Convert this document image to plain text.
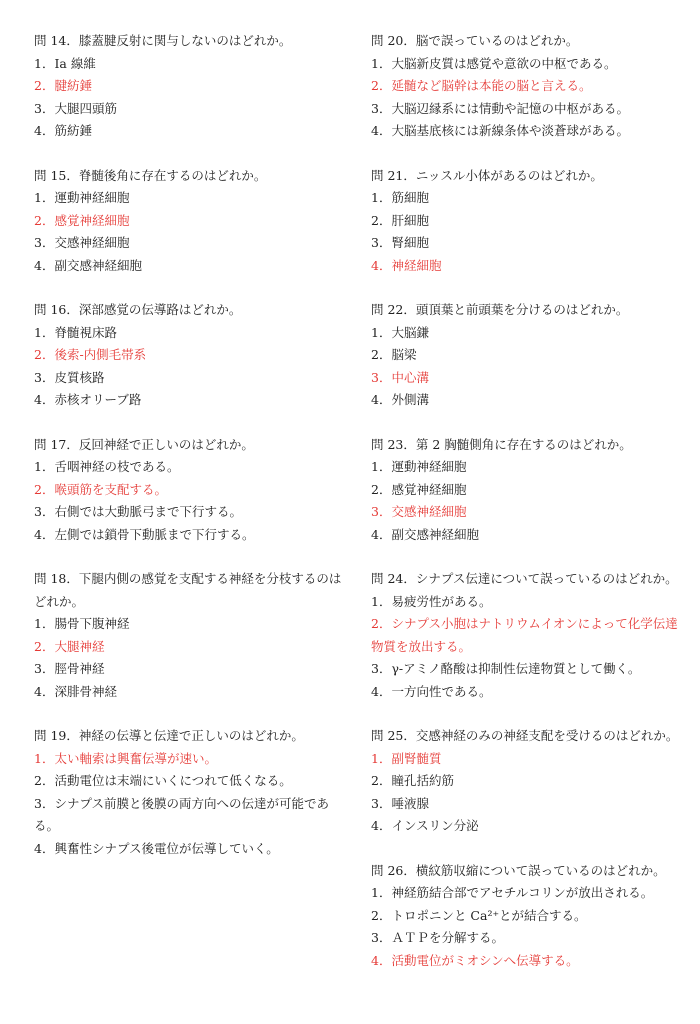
問 14．膝蓋腱反射に関与しないのはどれか。
1．Ⅰa 線維
2．腱紡錘
3．大腿四頭筋
4．筋紡錘
問 15．脊髄後角に存在するのはどれか。
1．運動神経細胞
2．感覚神経細胞
3．交感神経細胞
4．副交感神経細胞
問 16．深部感覚の伝導路はどれか。
1．脊髄視床路
2．後索-内側毛帯系
3．皮質核路
4．赤核オリーブ路
問 17．反回神経で正しいのはどれか。
1．舌咽神経の枝である。
2．喉頭筋を支配する。
3．右側では大動脈弓まで下行する。
4．左側では鎖骨下動脈まで下行する。
問 18．下腿内側の感覚を支配する神経を分枝するのはどれか。
1．腸骨下腹神経
2．大腿神経
3．脛骨神経
4．深腓骨神経
問 19．神経の伝導と伝達で正しいのはどれか。
1．太い軸索は興奮伝導が速い。
2．活動電位は末端にいくにつれて低くなる。
3．シナプス前膜と後膜の両方向への伝達が可能である。
4．興奮性シナプス後電位が伝導していく。
問 20．脳で誤っているのはどれか。
1．大脳新皮質は感覚や意欲の中枢である。
2．延髄など脳幹は本能の脳と言える。
3．大脳辺縁系には情動や記憶の中枢がある。
4．大脳基底核には新線条体や淡蒼球がある。
問 21．ニッスル小体があるのはどれか。
1．筋細胞
2．肝細胞
3．腎細胞
4．神経細胞
問 22．頭頂葉と前頭葉を分けるのはどれか。
1．大脳鎌
2．脳梁
3．中心溝
4．外側溝
問 23．第 2 胸髄側角に存在するのはどれか。
1．運動神経細胞
2．感覚神経細胞
3．交感神経細胞
4．副交感神経細胞
問 24．シナプス伝達について誤っているのはどれか。
1．易疲労性がある。
2．シナプス小胞はナトリウムイオンによって化学伝達物質を放出する。
3．γ-アミノ酪酸は抑制性伝達物質として働く。
4．一方向性である。
問 25．交感神経のみの神経支配を受けるのはどれか。
1．副腎髄質
2．瞳孔括約筋
3．唾液腺
4．インスリン分泌
問 26．横紋筋収縮について誤っているのはどれか。
1．神経筋結合部でアセチルコリンが放出される。
2．トロポニンと Ca²⁺とが結合する。
3．ＡＴＰを分解する。
4．活動電位がミオシンへ伝導する。
